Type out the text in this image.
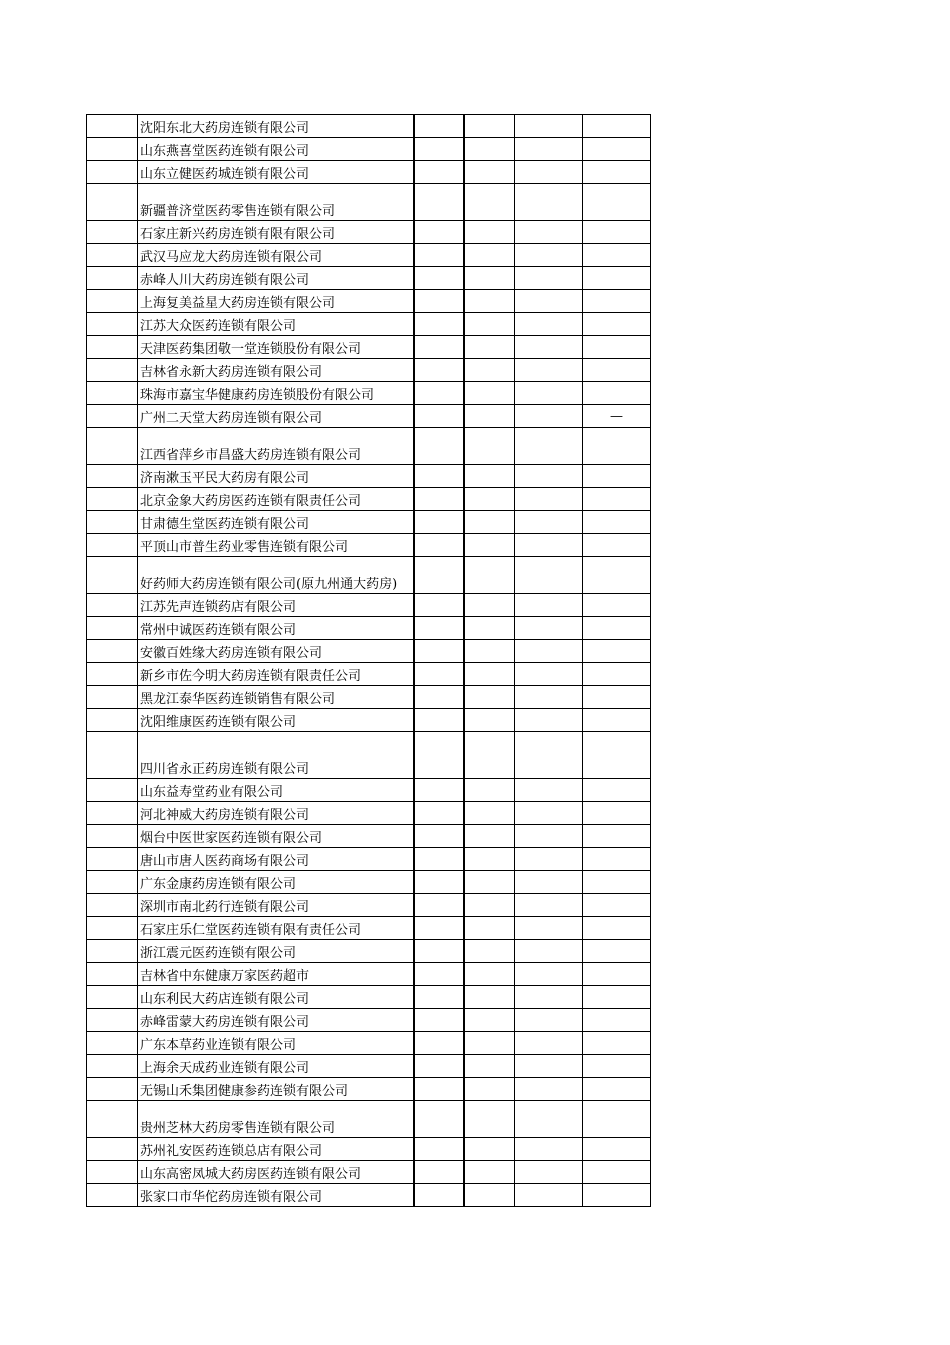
	沈阳东北大药房连锁有限公司				
	山东燕喜堂医药连锁有限公司				
	山东立健医药城连锁有限公司				
	新疆普济堂医药零售连锁有限公司				
	石家庄新兴药房连锁有限有限公司				
	武汉马应龙大药房连锁有限公司				
	赤峰人川大药房连锁有限公司				
	上海复美益星大药房连锁有限公司				
	江苏大众医药连锁有限公司				
	天津医药集团敬一堂连锁股份有限公司				
	吉林省永新大药房连锁有限公司				
	珠海市嘉宝华健康药房连锁股份有限公司				
	广州二天堂大药房连锁有限公司				—
	江西省萍乡市昌盛大药房连锁有限公司				
	济南漱玉平民大药房有限公司				
	北京金象大药房医药连锁有限责任公司				
	甘肃德生堂医药连锁有限公司				
	平顶山市普生药业零售连锁有限公司				
	好药师大药房连锁有限公司(原九州通大药房)				
	江苏先声连锁药店有限公司				
	常州中诚医药连锁有限公司				
	安徽百姓缘大药房连锁有限公司				
	新乡市佐今明大药房连锁有限责任公司				
	黑龙江泰华医药连锁销售有限公司				
	沈阳维康医药连锁有限公司				
	四川省永正药房连锁有限公司				
	山东益寿堂药业有限公司				
	河北神威大药房连锁有限公司				
	烟台中医世家医药连锁有限公司				
	唐山市唐人医药商场有限公司				
	广东金康药房连锁有限公司				
	深圳市南北药行连锁有限公司				
	石家庄乐仁堂医药连锁有限有责任公司				
	浙江震元医药连锁有限公司				
	吉林省中东健康万家医药超市				
	山东利民大药店连锁有限公司				
	赤峰雷蒙大药房连锁有限公司				
	广东本草药业连锁有限公司				
	上海余天成药业连锁有限公司				
	无锡山禾集团健康参药连锁有限公司				
	贵州芝林大药房零售连锁有限公司				
	苏州礼安医药连锁总店有限公司				
	山东高密凤城大药房医药连锁有限公司				
	张家口市华佗药房连锁有限公司				
